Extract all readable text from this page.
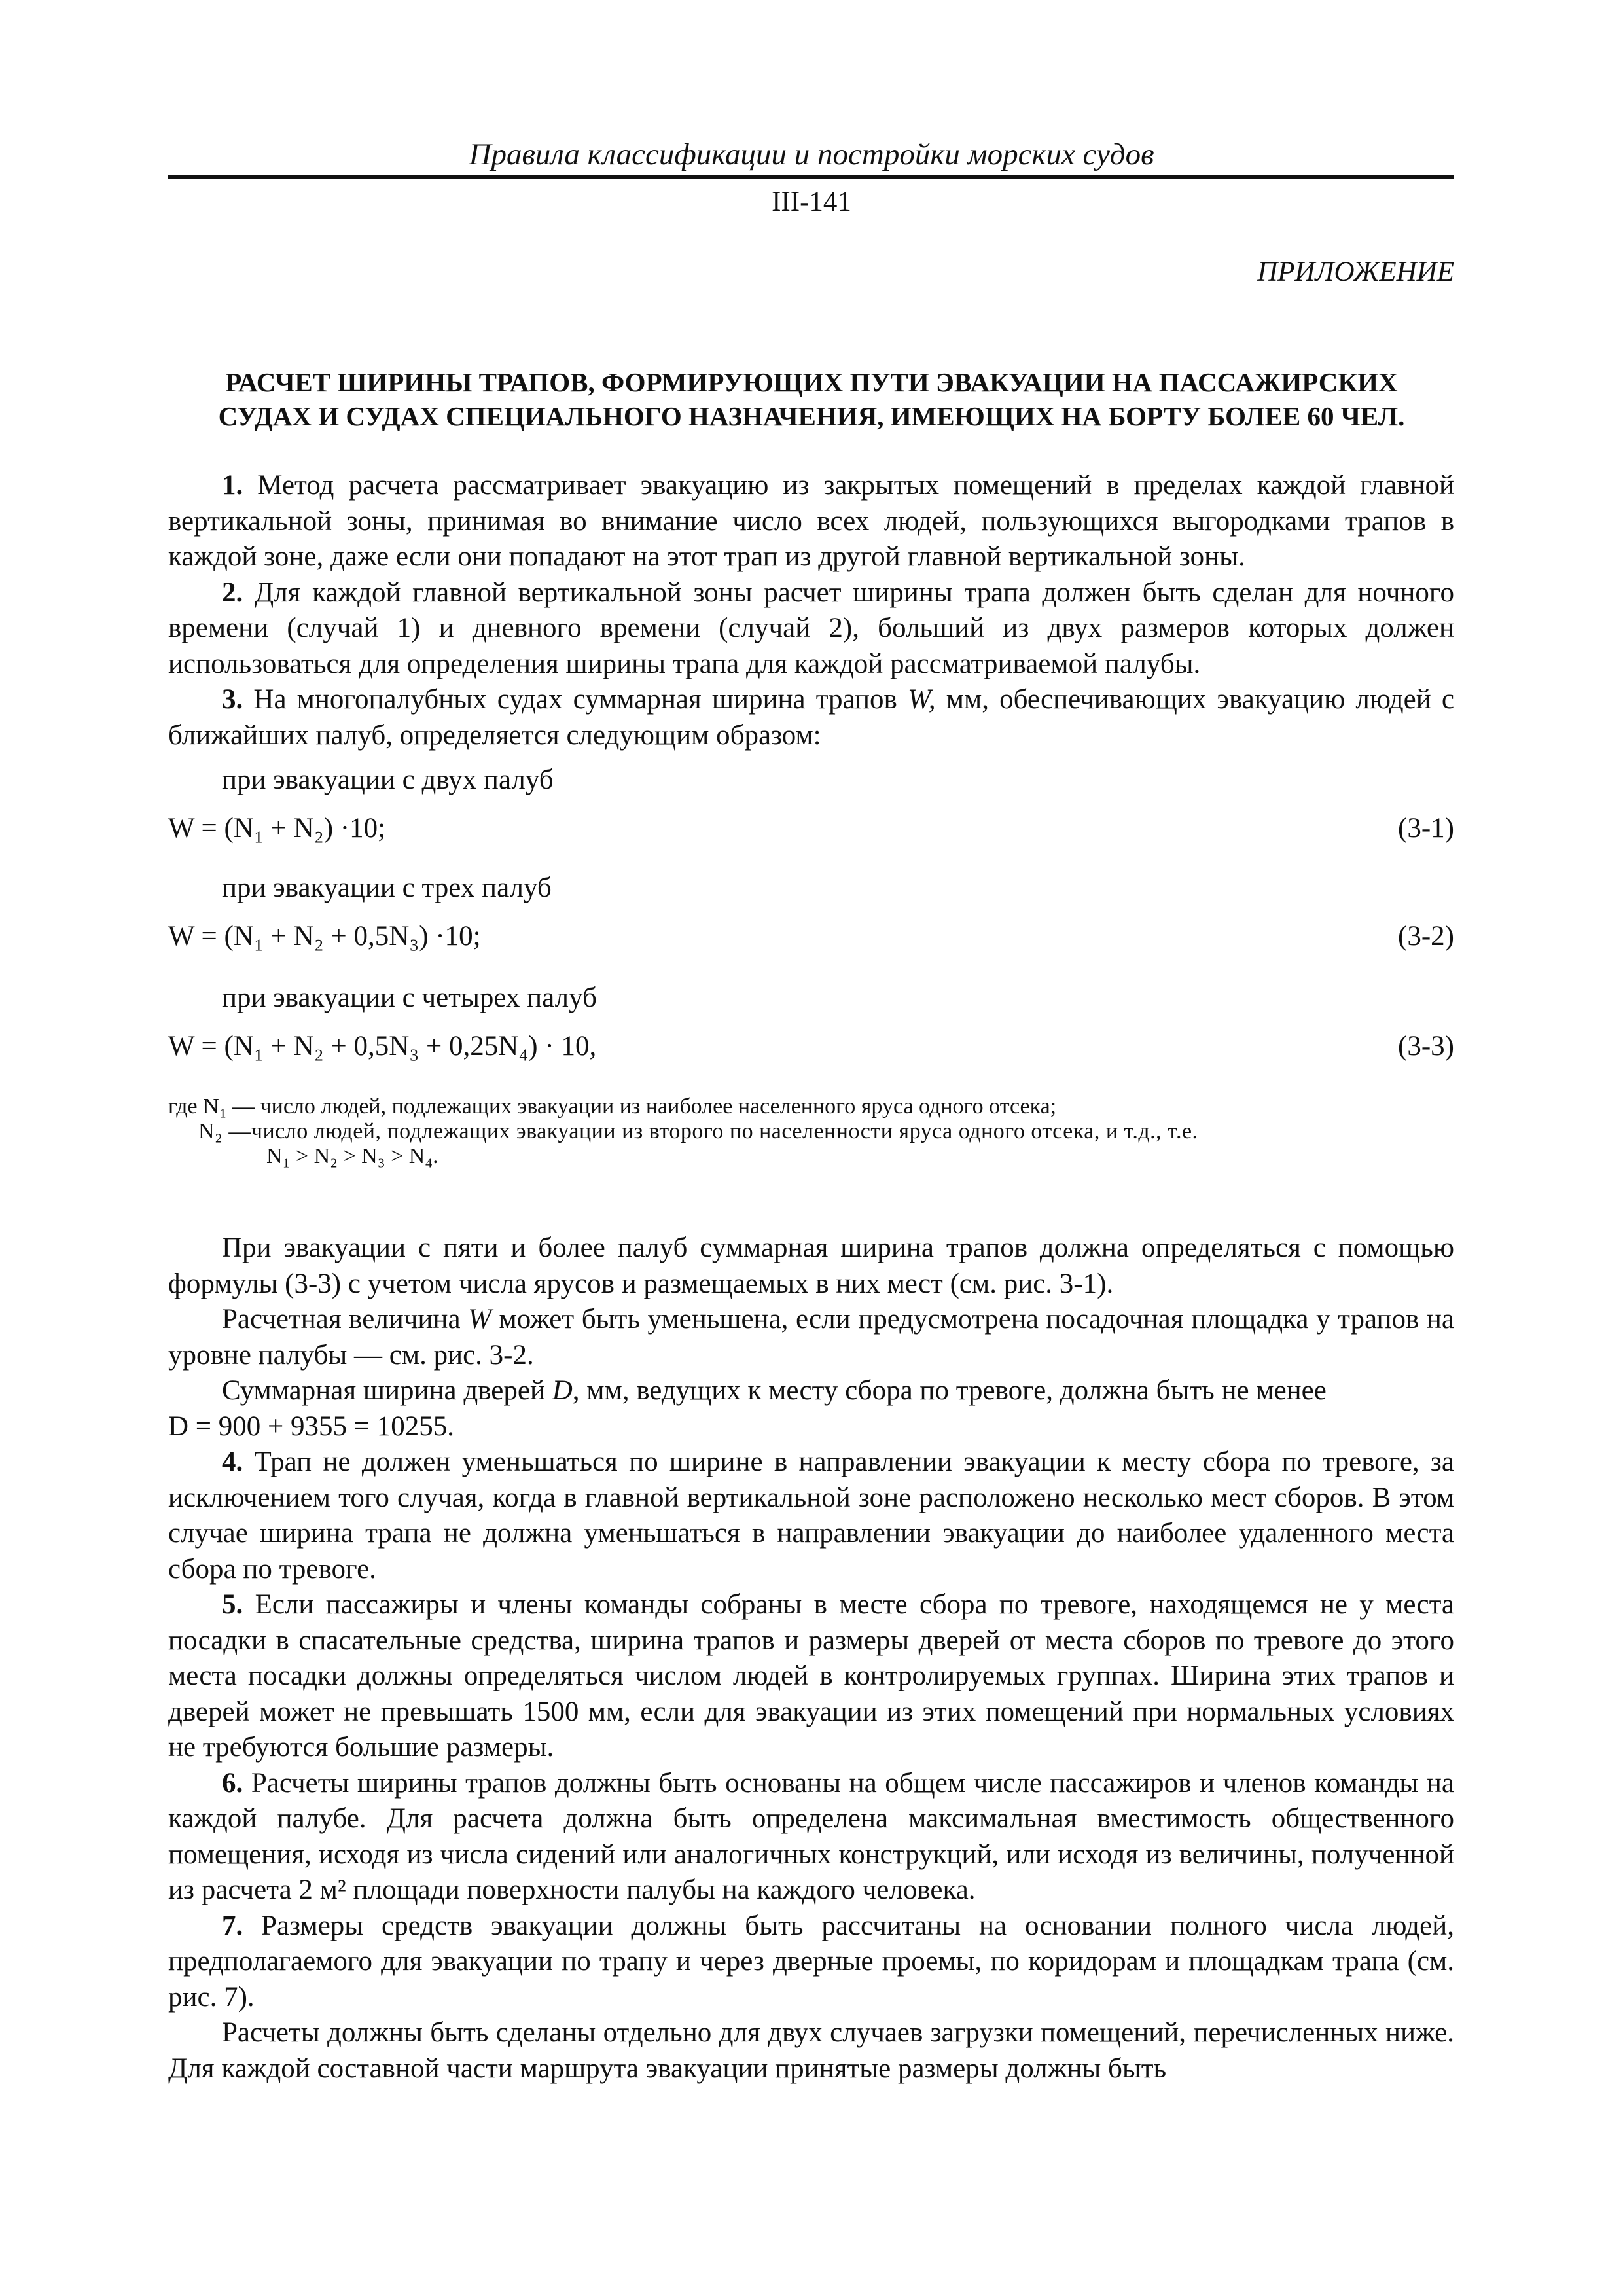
Правила классификации и постройки морских судов
III-141
ПРИЛОЖЕНИЕ
РАСЧЕТ ШИРИНЫ ТРАПОВ, ФОРМИРУЮЩИХ ПУТИ ЭВАКУАЦИИ НА ПАССАЖИРСКИХ
СУДАХ И СУДАХ СПЕЦИАЛЬНОГО НАЗНАЧЕНИЯ, ИМЕЮЩИХ НА БОРТУ БОЛЕЕ 60 ЧЕЛ.

1. Метод расчета рассматривает эвакуацию из закрытых помещений в пределах каждой главной вертикальной зоны, принимая во внимание число всех людей, пользующихся выгородками трапов в каждой зоне, даже если они попадают на этот трап из другой главной вертикальной зоны.

2. Для каждой главной вертикальной зоны расчет ширины трапа должен быть сделан для ночного времени (случай 1) и дневного времени (случай 2), больший из двух размеров которых должен использоваться для определения ширины трапа для каждой рассматриваемой палубы.

3. На многопалубных судах суммарная ширина трапов W, мм, обеспечивающих эвакуацию людей с ближайших палуб, определяется следующим образом:

при эвакуации с двух палуб

W = (N₁ + N₂) ·10;	(3-1)

при эвакуации с трех палуб

W = (N₁ + N₂ + 0,5N₃) ·10;	(3-2)

при эвакуации с четырех палуб

W = (N₁ + N₂ + 0,5N₃ + 0,25N₄) · 10,	(3-3)

где N₁ — число людей, подлежащих эвакуации из наиболее населенного яруса одного отсека;

N₂ —число людей, подлежащих эвакуации из второго по населенности яруса одного отсека, и т.д., т.е.

N₁ > N₂ > N₃ > N₄.

При эвакуации с пяти и более палуб суммарная ширина трапов должна определяться с помощью формулы (3-3) с учетом числа ярусов и размещаемых в них мест (см. рис. 3-1).

Расчетная величина W может быть уменьшена, если предусмотрена посадочная площадка у трапов на уровне палубы — см. рис. 3-2.

Суммарная ширина дверей D, мм, ведущих к месту сбора по тревоге, должна быть не менее

D = 900 + 9355 = 10255.

4. Трап не должен уменьшаться по ширине в направлении эвакуации к месту сбора по тревоге, за исключением того случая, когда в главной вертикальной зоне расположено несколько мест сборов. В этом случае ширина трапа не должна уменьшаться в направлении эвакуации до наиболее удаленного места сбора по тревоге.

5. Если пассажиры и члены команды собраны в месте сбора по тревоге, находящемся не у места посадки в спасательные средства, ширина трапов и размеры дверей от места сборов по тревоге до этого места посадки должны определяться числом людей в контролируемых группах. Ширина этих трапов и дверей может не превышать 1500 мм, если для эвакуации из этих помещений при нормальных условиях не требуются большие размеры.

6. Расчеты ширины трапов должны быть основаны на общем числе пассажиров и членов команды на каждой палубе. Для расчета должна быть определена максимальная вместимость общественного помещения, исходя из числа сидений или аналогичных конструкций, или исходя из величины, полученной из расчета 2 м² площади поверхности палубы на каждого человека.

7. Размеры средств эвакуации должны быть рассчитаны на основании полного числа людей, предполагаемого для эвакуации по трапу и через дверные проемы, по коридорам и площадкам трапа (см. рис. 7).

Расчеты должны быть сделаны отдельно для двух случаев загрузки помещений, перечисленных ниже. Для каждой составной части маршрута эвакуации принятые размеры должны быть
